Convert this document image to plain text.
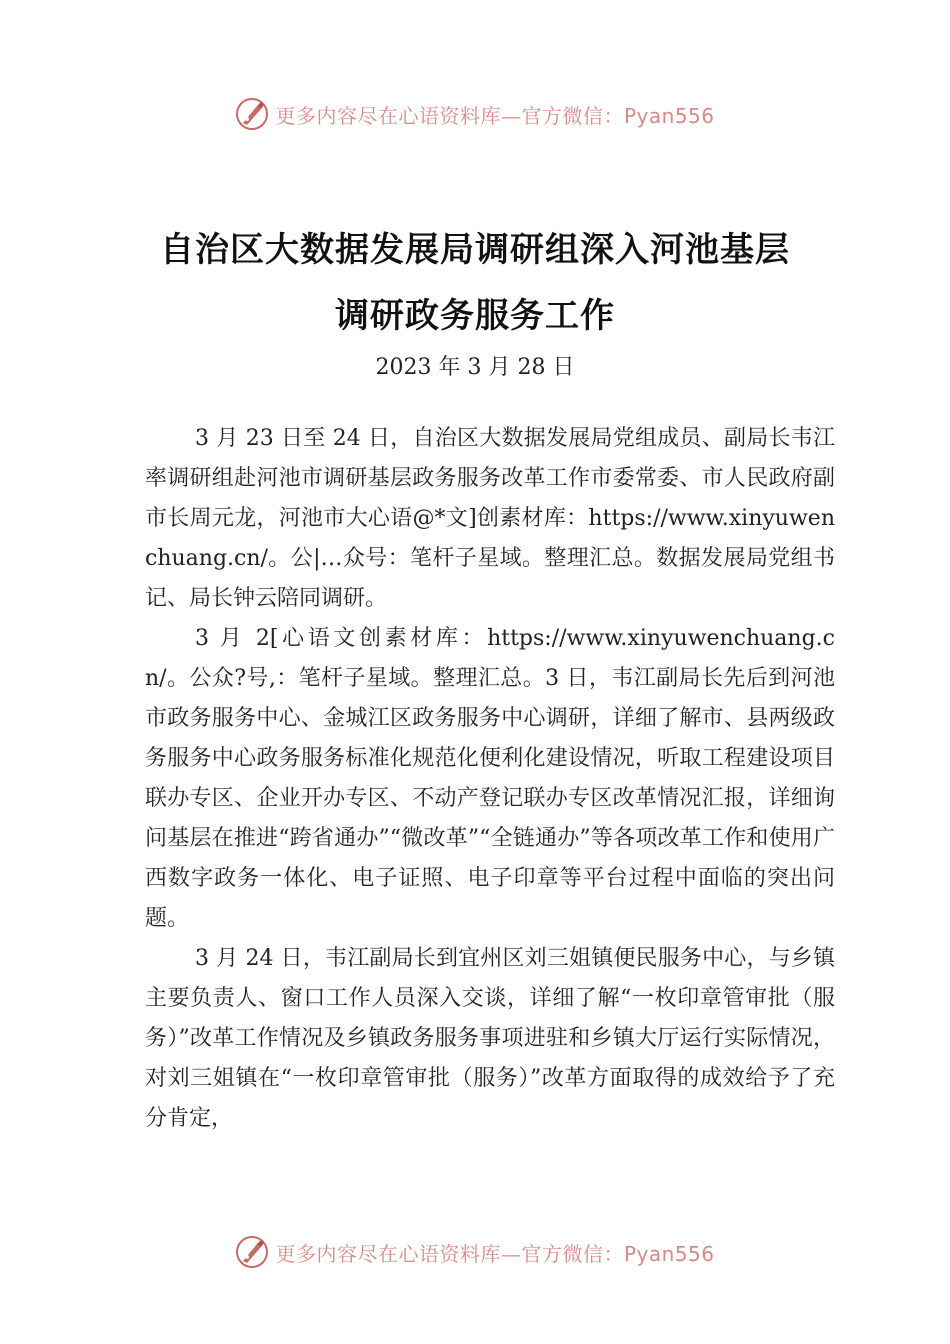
更多内容尽在心语资料库—官方微信：Pyan556
自治区大数据发展局调研组深入河池基层
调研政务服务工作
2023 年 3 月 28 日

3 月 23 日至 24 日，自治区大数据发展局党组成员、副局长韦江率调研组赴河池市调研基层政务服务改革工作市委常委、市人民政府副市长周元龙，河池市大心语@*文]创素材库：https://www.xinyuwenchuang.cn/。公|…众号：笔杆子星域。整理汇总。数据发展局党组书记、局长钟云陪同调研。

3 月 2[心语文创素材库：https://www.xinyuwenchuang.cn/。公众?号,：笔杆子星域。整理汇总。3 日，韦江副局长先后到河池市政务服务中心、金城江区政务服务中心调研，详细了解市、县两级政务服务中心政务服务标准化规范化便利化建设情况，听取工程建设项目联办专区、企业开办专区、不动产登记联办专区改革情况汇报，详细询问基层在推进“跨省通办”“微改革”“全链通办”等各项改革工作和使用广西数字政务一体化、电子证照、电子印章等平台过程中面临的突出问题。

3 月 24 日，韦江副局长到宜州区刘三姐镇便民服务中心，与乡镇主要负责人、窗口工作人员深入交谈，详细了解“一枚印章管审批（服务）”改革工作情况及乡镇政务服务事项进驻和乡镇大厅运行实际情况，对刘三姐镇在“一枚印章管审批（服务）”改革方面取得的成效给予了充分肯定，

更多内容尽在心语资料库—官方微信：Pyan556
